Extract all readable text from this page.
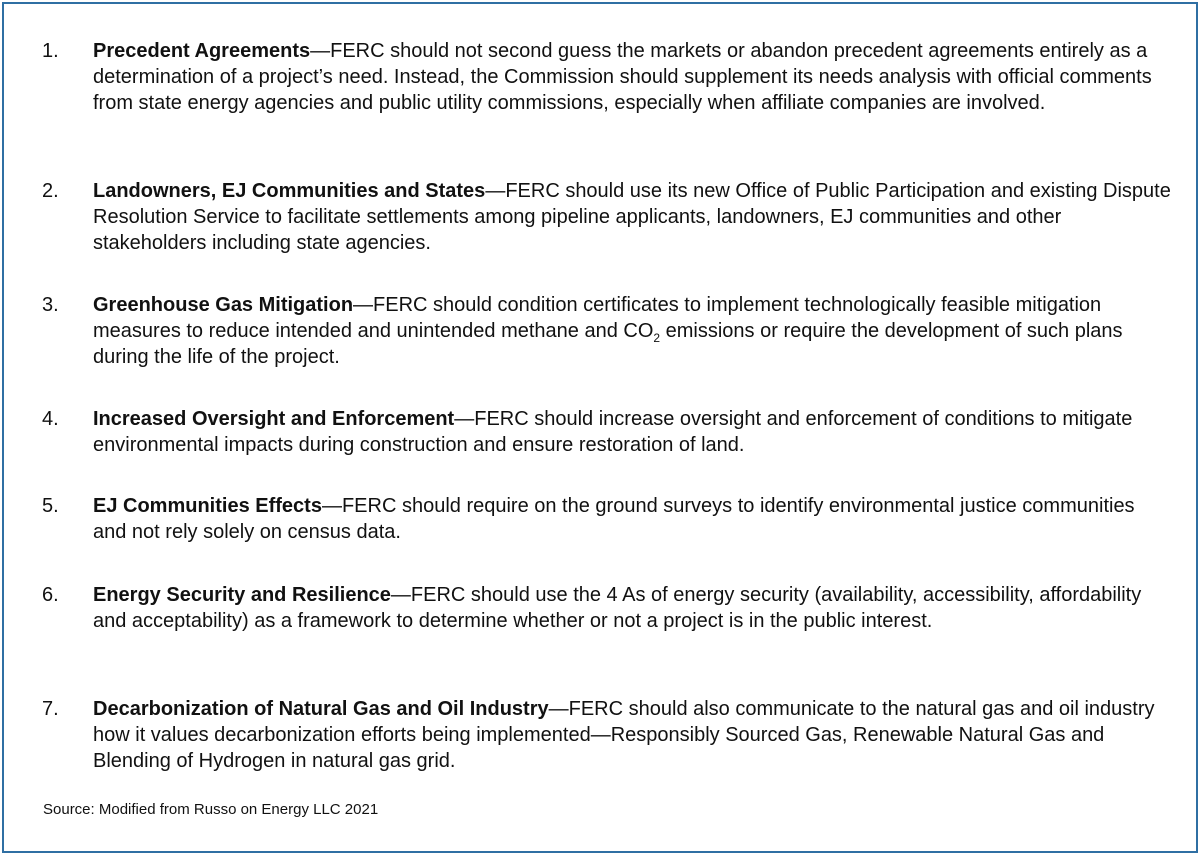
1. Precedent Agreements—FERC should not second guess the markets or abandon precedent agreements entirely as a determination of a project’s need. Instead, the Commission should supplement its needs analysis with official comments from state energy agencies and public utility commissions, especially when affiliate companies are involved.
2. Landowners, EJ Communities and States—FERC should use its new Office of Public Participation and existing Dispute Resolution Service to facilitate settlements among pipeline applicants, landowners, EJ communities and other stakeholders including state agencies.
3. Greenhouse Gas Mitigation—FERC should condition certificates to implement technologically feasible mitigation measures to reduce intended and unintended methane and $CO_2$ emissions or require the development of such plans during the life of the project.
4. Increased Oversight and Enforcement—FERC should increase oversight and enforcement of conditions to mitigate environmental impacts during construction and ensure restoration of land.
5. EJ Communities Effects—FERC should require on the ground surveys to identify environmental justice communities and not rely solely on census data.
6. Energy Security and Resilience—FERC should use the 4 As of energy security (availability, accessibility, affordability and acceptability) as a framework to determine whether or not a project is in the public interest.
7. Decarbonization of Natural Gas and Oil Industry—FERC should also communicate to the natural gas and oil industry how it values decarbonization efforts being implemented—Responsibly Sourced Gas, Renewable Natural Gas and Blending of Hydrogen in natural gas grid.
Source: Modified from Russo on Energy LLC 2021
